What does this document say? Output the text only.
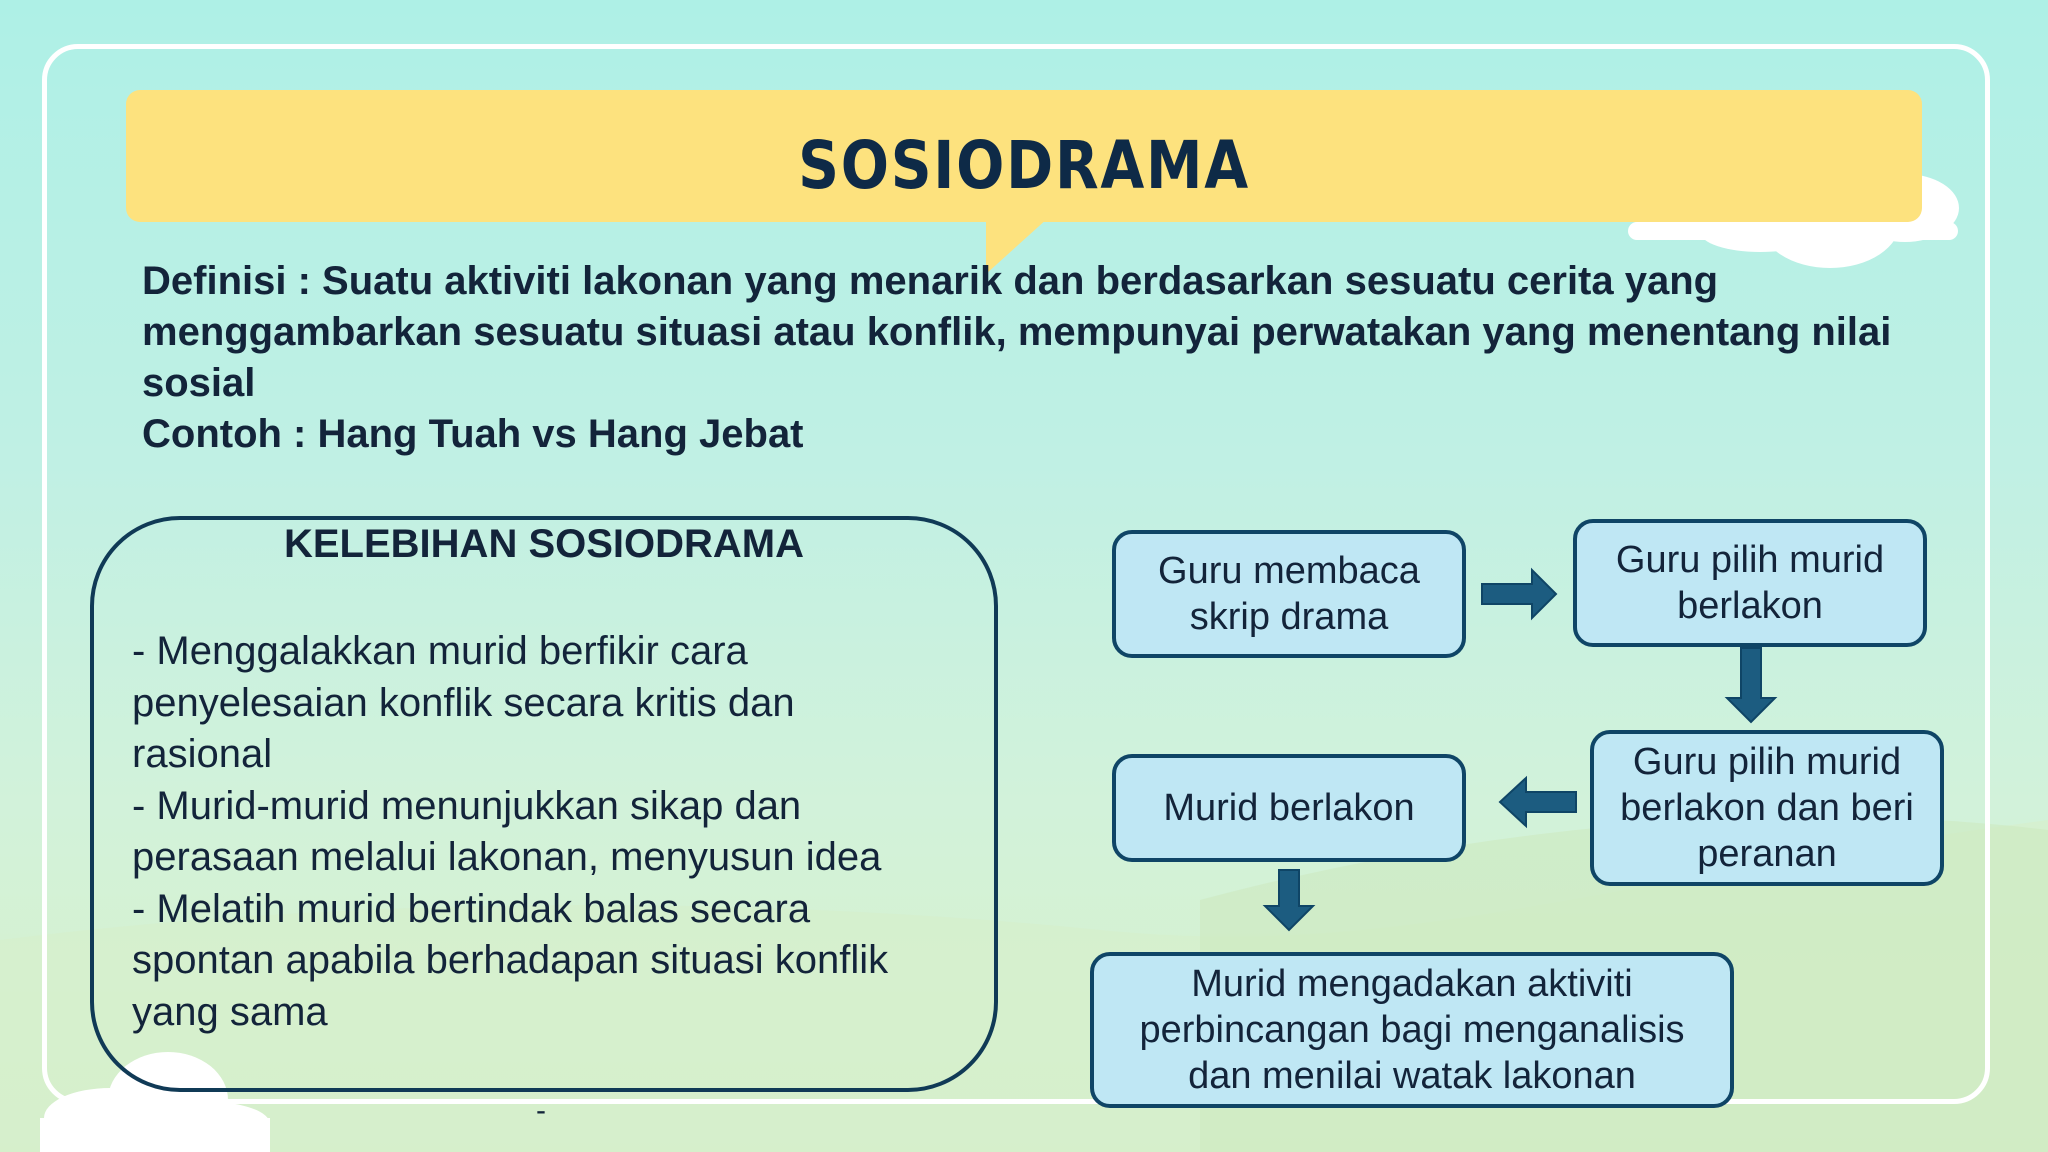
SOSIODRAMA
Definisi : Suatu aktiviti lakonan yang menarik dan berdasarkan sesuatu cerita yang
menggambarkan sesuatu situasi atau konflik, mempunyai perwatakan yang menentang nilai
sosial
Contoh : Hang Tuah vs Hang Jebat
KELEBIHAN SOSIODRAMA
- Menggalakkan murid berfikir cara
penyelesaian konflik secara kritis dan
rasional
- Murid-murid menunjukkan sikap dan
perasaan melalui lakonan, menyusun idea
- Melatih murid bertindak balas secara
spontan apabila berhadapan situasi konflik
yang sama
Guru membaca
skrip drama
Guru pilih murid
berlakon
Guru pilih murid
berlakon dan beri
peranan
Murid berlakon
Murid mengadakan aktiviti
perbincangan bagi menganalisis
dan menilai watak lakonan
-
